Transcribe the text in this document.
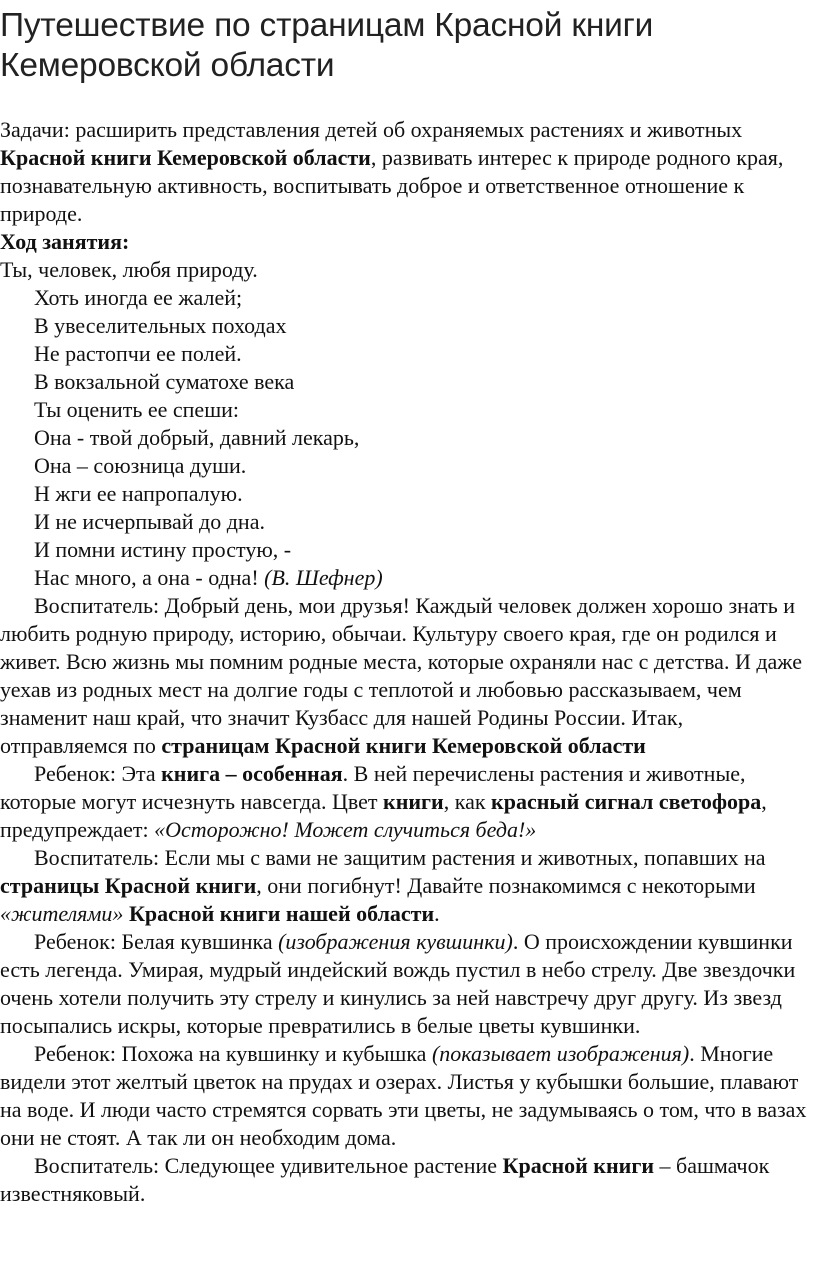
Путешествие по страницам Красной книги
Кемеровской области

Задачи: расширить представления детей об охраняемых растениях и животных Красной книги Кемеровской области, развивать интерес к природе родного края, познавательную активность, воспитывать доброе и ответственное отношение к природе.

Ход занятия:

Ты, человек, любя природу.

Хоть иногда ее жалей;

В увеселительных походах

Не растопчи ее полей.

В вокзальной суматохе века

Ты оценить ее спеши:

Она - твой добрый, давний лекарь,

Она – союзница души.

Н жги ее напропалую.

И не исчерпывай до дна.

И помни истину простую, -

Нас много, а она - одна! (В. Шефнер)

Воспитатель: Добрый день, мои друзья! Каждый человек должен хорошо знать и любить родную природу, историю, обычаи. Культуру своего края, где он родился и живет. Всю жизнь мы помним родные места, которые охраняли нас с детства. И даже уехав из родных мест на долгие годы с теплотой и любовью рассказываем, чем знаменит наш край, что значит Кузбасс для нашей Родины России. Итак, отправляемся по страницам Красной книги Кемеровской области

Ребенок: Эта книга – особенная. В ней перечислены растения и животные, которые могут исчезнуть навсегда. Цвет книги, как красный сигнал светофора, предупреждает: «Осторожно! Может случиться беда!»

Воспитатель: Если мы с вами не защитим растения и животных, попавших на страницы Красной книги, они погибнут! Давайте познакомимся с некоторыми «жителями» Красной книги нашей области.

Ребенок: Белая кувшинка (изображения кувшинки). О происхождении кувшинки есть легенда. Умирая, мудрый индейский вождь пустил в небо стрелу. Две звездочки очень хотели получить эту стрелу и кинулись за ней навстречу друг другу. Из звезд посыпались искры, которые превратились в белые цветы кувшинки.

Ребенок: Похожа на кувшинку и кубышка (показывает изображения). Многие видели этот желтый цветок на прудах и озерах. Листья у кубышки большие, плавают на воде. И люди часто стремятся сорвать эти цветы, не задумываясь о том, что в вазах они не стоят. А так ли он необходим дома.

Воспитатель: Следующее удивительное растение Красной книги – башмачок известняковый.
